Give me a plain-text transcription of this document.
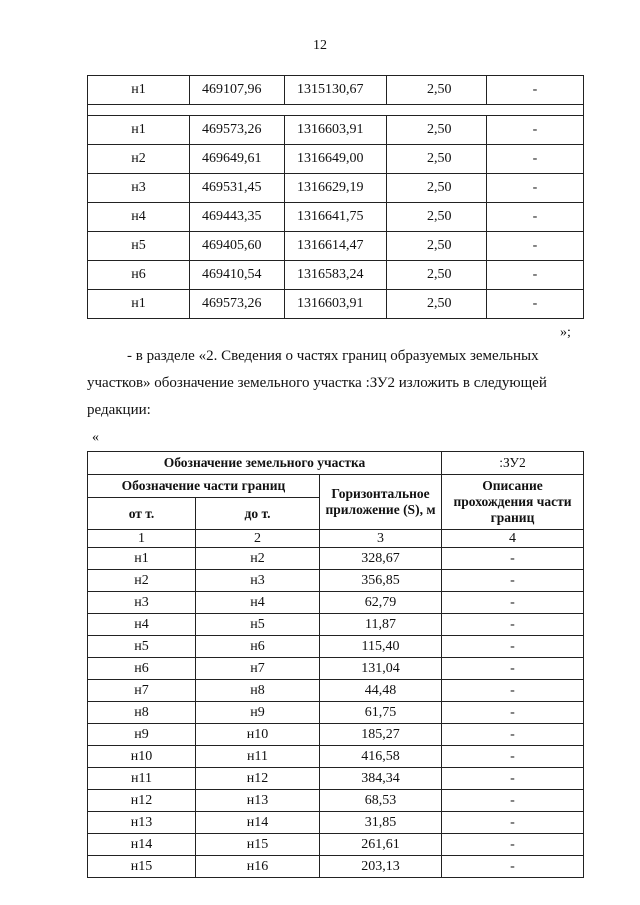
12
н1	469107,96	1315130,67	2,50	-

н1	469573,26	1316603,91	2,50	-
н2	469649,61	1316649,00	2,50	-
н3	469531,45	1316629,19	2,50	-
н4	469443,35	1316641,75	2,50	-
н5	469405,60	1316614,47	2,50	-
н6	469410,54	1316583,24	2,50	-
н1	469573,26	1316603,91	2,50	-
»;
- в разделе «2. Сведения о частях границ образуемых земельных
участков» обозначение земельного участка :ЗУ2 изложить в следующей
редакции:
«
Обозначение земельного участка			:ЗУ2
Обозначение части границ		Горизонтальное приложение (S), м	Описание прохождения части границ
от т.	до т.		
1	2	3	4
н1	н2	328,67	-
н2	н3	356,85	-
н3	н4	62,79	-
н4	н5	11,87	-
н5	н6	115,40	-
н6	н7	131,04	-
н7	н8	44,48	-
н8	н9	61,75	-
н9	н10	185,27	-
н10	н11	416,58	-
н11	н12	384,34	-
н12	н13	68,53	-
н13	н14	31,85	-
н14	н15	261,61	-
н15	н16	203,13	-
